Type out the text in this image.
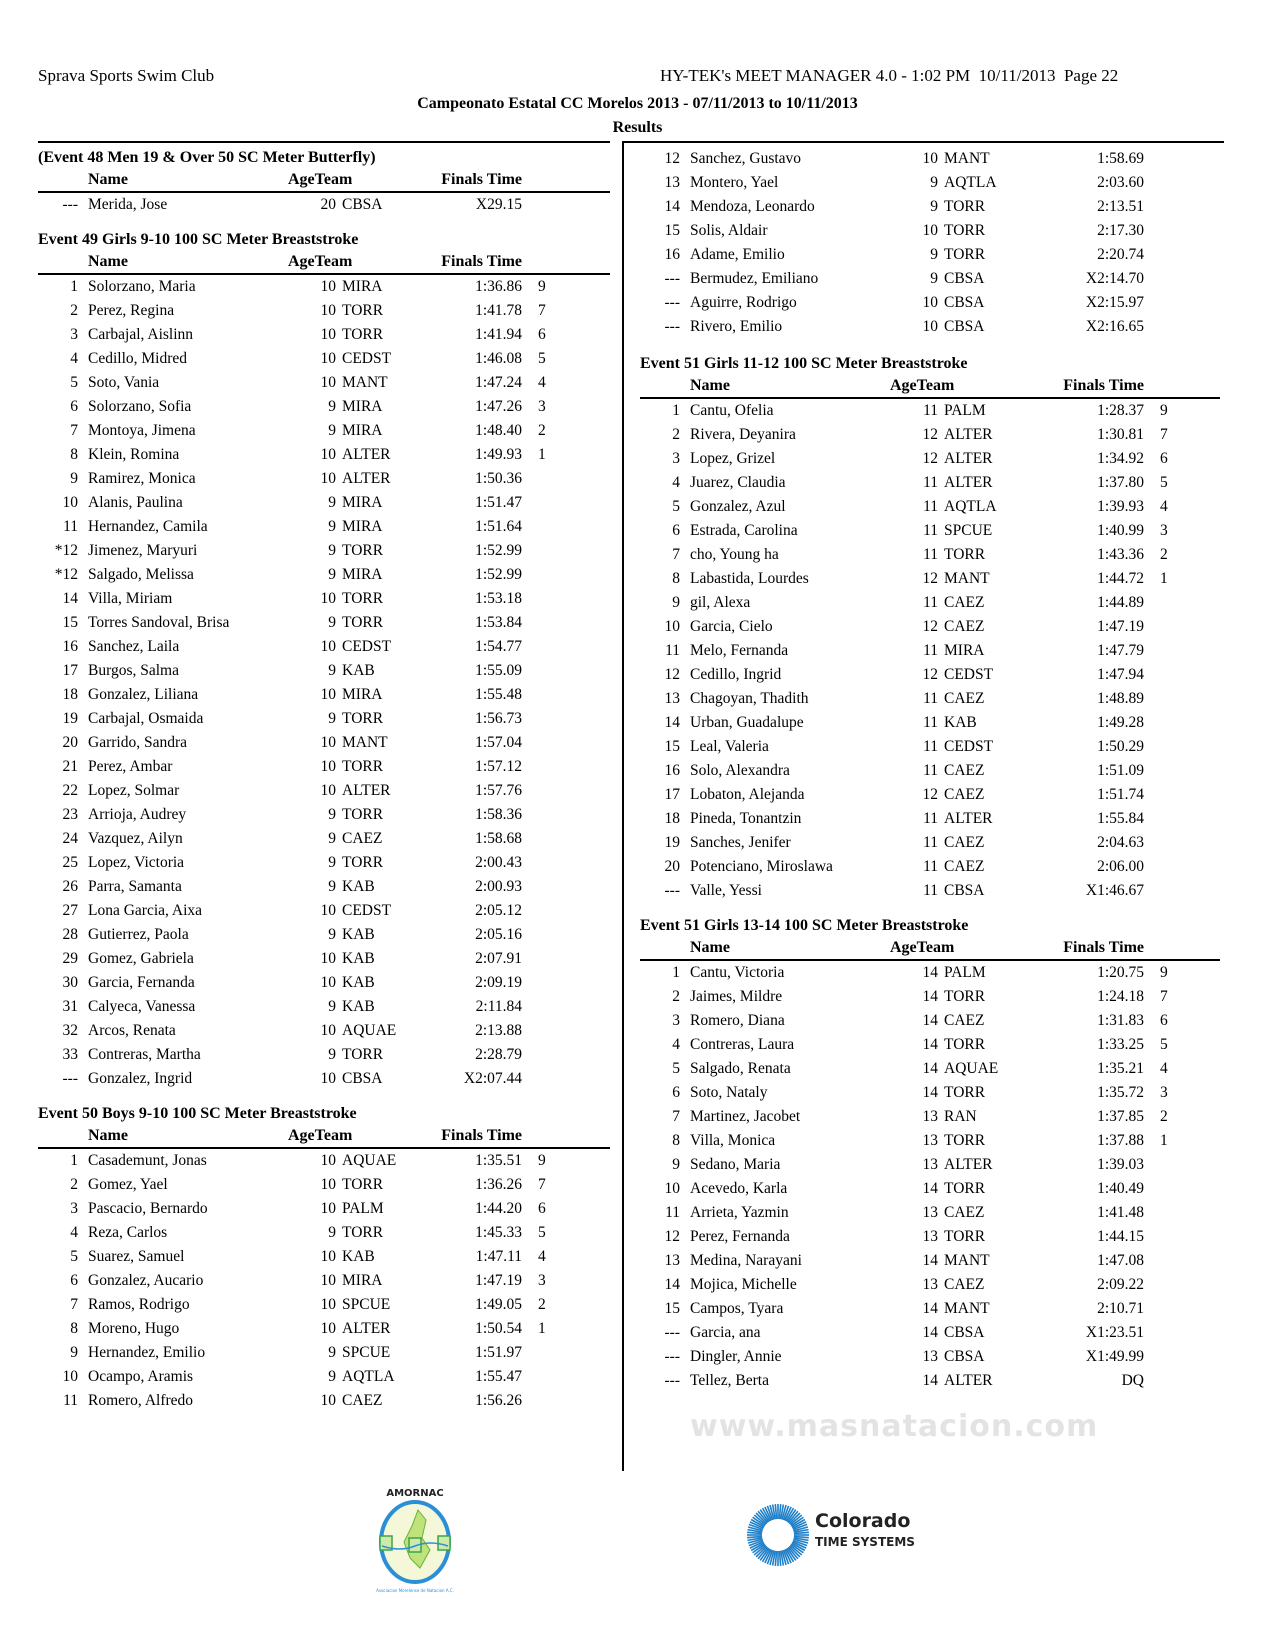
Sprava Sports Swim Club	HY-TEK's MEET MANAGER 4.0 - 1:02 PM  10/11/2013  Page 22
Campeonato Estatal CC Morelos 2013 - 07/11/2013 to 10/11/2013
Results
(Event 48 Men 19 & Over 50 SC Meter Butterfly)
Name	AgeTeam	Finals Time
--- Merida, Jose	20 CBSA	X29.15
Event 49 Girls 9-10 100 SC Meter Breaststroke
Name	AgeTeam	Finals Time
1 Solorzano, Maria	10 MIRA	1:36.86 9
2 Perez, Regina	10 TORR	1:41.78 7
3 Carbajal, Aislinn	10 TORR	1:41.94 6
4 Cedillo, Midred	10 CEDST	1:46.08 5
5 Soto, Vania	10 MANT	1:47.24 4
6 Solorzano, Sofia	9 MIRA	1:47.26 3
7 Montoya, Jimena	9 MIRA	1:48.40 2
8 Klein, Romina	10 ALTER	1:49.93 1
9 Ramirez, Monica	10 ALTER	1:50.36
10 Alanis, Paulina	9 MIRA	1:51.47
11 Hernandez, Camila	9 MIRA	1:51.64
*12 Jimenez, Maryuri	9 TORR	1:52.99
*12 Salgado, Melissa	9 MIRA	1:52.99
14 Villa, Miriam	10 TORR	1:53.18
15 Torres Sandoval, Brisa	9 TORR	1:53.84
16 Sanchez, Laila	10 CEDST	1:54.77
17 Burgos, Salma	9 KAB	1:55.09
18 Gonzalez, Liliana	10 MIRA	1:55.48
19 Carbajal, Osmaida	9 TORR	1:56.73
20 Garrido, Sandra	10 MANT	1:57.04
21 Perez, Ambar	10 TORR	1:57.12
22 Lopez, Solmar	10 ALTER	1:57.76
23 Arrioja, Audrey	9 TORR	1:58.36
24 Vazquez, Ailyn	9 CAEZ	1:58.68
25 Lopez, Victoria	9 TORR	2:00.43
26 Parra, Samanta	9 KAB	2:00.93
27 Lona Garcia, Aixa	10 CEDST	2:05.12
28 Gutierrez, Paola	9 KAB	2:05.16
29 Gomez, Gabriela	10 KAB	2:07.91
30 Garcia, Fernanda	10 KAB	2:09.19
31 Calyeca, Vanessa	9 KAB	2:11.84
32 Arcos, Renata	10 AQUAE	2:13.88
33 Contreras, Martha	9 TORR	2:28.79
--- Gonzalez, Ingrid	10 CBSA	X2:07.44
Event 50 Boys 9-10 100 SC Meter Breaststroke
Name	AgeTeam	Finals Time
1 Casademunt, Jonas	10 AQUAE	1:35.51 9
2 Gomez, Yael	10 TORR	1:36.26 7
3 Pascacio, Bernardo	10 PALM	1:44.20 6
4 Reza, Carlos	9 TORR	1:45.33 5
5 Suarez, Samuel	10 KAB	1:47.11 4
6 Gonzalez, Aucario	10 MIRA	1:47.19 3
7 Ramos, Rodrigo	10 SPCUE	1:49.05 2
8 Moreno, Hugo	10 ALTER	1:50.54 1
9 Hernandez, Emilio	9 SPCUE	1:51.97
10 Ocampo, Aramis	9 AQTLA	1:55.47
11 Romero, Alfredo	10 CAEZ	1:56.26
12 Sanchez, Gustavo	10 MANT	1:58.69
13 Montero, Yael	9 AQTLA	2:03.60
14 Mendoza, Leonardo	9 TORR	2:13.51
15 Solis, Aldair	10 TORR	2:17.30
16 Adame, Emilio	9 TORR	2:20.74
--- Bermudez, Emiliano	9 CBSA	X2:14.70
--- Aguirre, Rodrigo	10 CBSA	X2:15.97
--- Rivero, Emilio	10 CBSA	X2:16.65
Event 51 Girls 11-12 100 SC Meter Breaststroke
Name	AgeTeam	Finals Time
1 Cantu, Ofelia	11 PALM	1:28.37 9
2 Rivera, Deyanira	12 ALTER	1:30.81 7
3 Lopez, Grizel	12 ALTER	1:34.92 6
4 Juarez, Claudia	11 ALTER	1:37.80 5
5 Gonzalez, Azul	11 AQTLA	1:39.93 4
6 Estrada, Carolina	11 SPCUE	1:40.99 3
7 cho, Young ha	11 TORR	1:43.36 2
8 Labastida, Lourdes	12 MANT	1:44.72 1
9 gil, Alexa	11 CAEZ	1:44.89
10 Garcia, Cielo	12 CAEZ	1:47.19
11 Melo, Fernanda	11 MIRA	1:47.79
12 Cedillo, Ingrid	12 CEDST	1:47.94
13 Chagoyan, Thadith	11 CAEZ	1:48.89
14 Urban, Guadalupe	11 KAB	1:49.28
15 Leal, Valeria	11 CEDST	1:50.29
16 Solo, Alexandra	11 CAEZ	1:51.09
17 Lobaton, Alejanda	12 CAEZ	1:51.74
18 Pineda, Tonantzin	11 ALTER	1:55.84
19 Sanches, Jenifer	11 CAEZ	2:04.63
20 Potenciano, Miroslawa	11 CAEZ	2:06.00
--- Valle, Yessi	11 CBSA	X1:46.67
Event 51 Girls 13-14 100 SC Meter Breaststroke
Name	AgeTeam	Finals Time
1 Cantu, Victoria	14 PALM	1:20.75 9
2 Jaimes, Mildre	14 TORR	1:24.18 7
3 Romero, Diana	14 CAEZ	1:31.83 6
4 Contreras, Laura	14 TORR	1:33.25 5
5 Salgado, Renata	14 AQUAE	1:35.21 4
6 Soto, Nataly	14 TORR	1:35.72 3
7 Martinez, Jacobet	13 RAN	1:37.85 2
8 Villa, Monica	13 TORR	1:37.88 1
9 Sedano, Maria	13 ALTER	1:39.03
10 Acevedo, Karla	14 TORR	1:40.49
11 Arrieta, Yazmin	13 CAEZ	1:41.48
12 Perez, Fernanda	13 TORR	1:44.15
13 Medina, Narayani	14 MANT	1:47.08
14 Mojica, Michelle	13 CAEZ	2:09.22
15 Campos, Tyara	14 MANT	2:10.71
--- Garcia, ana	14 CBSA	X1:23.51
--- Dingler, Annie	13 CBSA	X1:49.99
--- Tellez, Berta	14 ALTER	DQ
www.masnatacion.com
AMORNAC
Asociacion Morelense de Natacion A.C.
Colorado
TIME SYSTEMS
